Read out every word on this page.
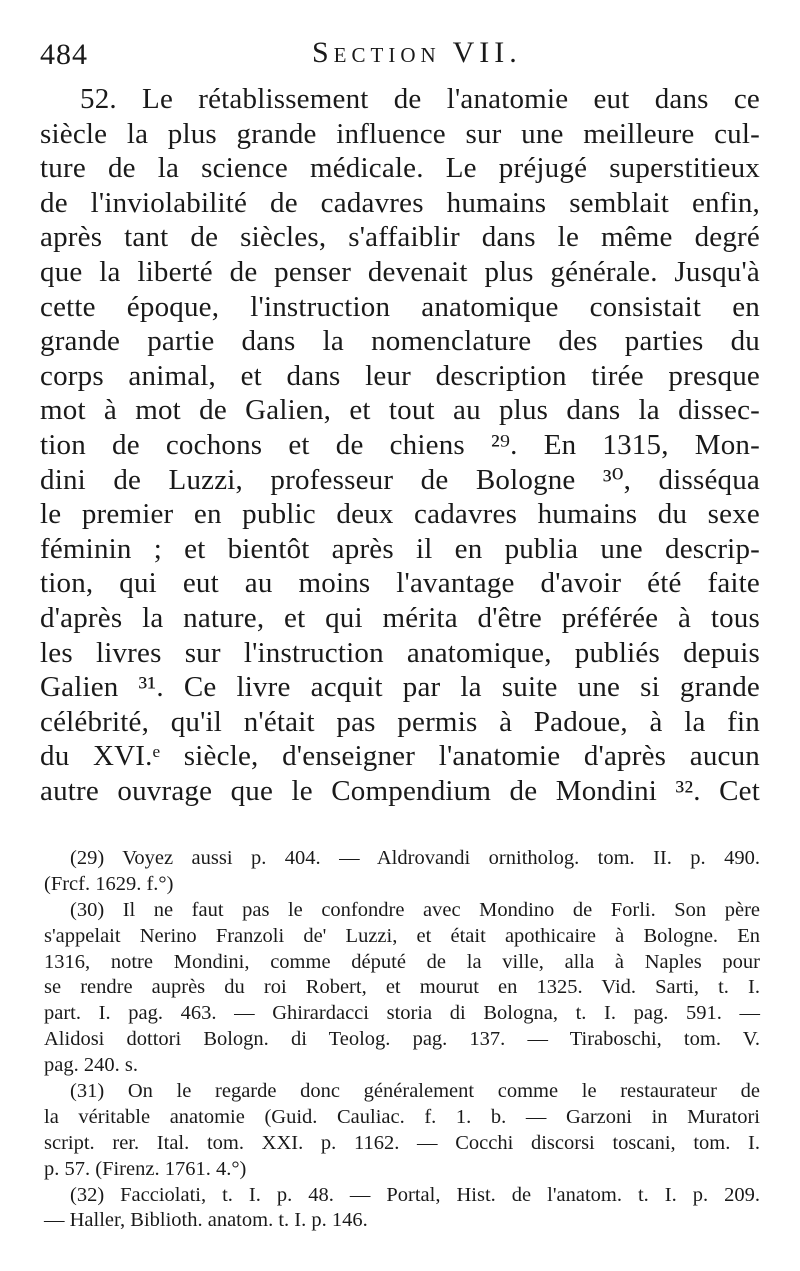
484	Section VII.
52. Le rétablissement de l'anatomie eut dans ce
siècle la plus grande influence sur une meilleure cul-
ture de la science médicale. Le préjugé superstitieux
de l'inviolabilité de cadavres humains semblait enfin,
après tant de siècles, s'affaiblir dans le même degré
que la liberté de penser devenait plus générale. Jusqu'à
cette époque, l'instruction anatomique consistait en
grande partie dans la nomenclature des parties du
corps animal, et dans leur description tirée presque
mot à mot de Galien, et tout au plus dans la dissec-
tion de cochons et de chiens ²⁹. En 1315, Mon-
dini de Luzzi, professeur de Bologne ³⁰, disséqua
le premier en public deux cadavres humains du sexe
féminin ; et bientôt après il en publia une descrip-
tion, qui eut au moins l'avantage d'avoir été faite
d'après la nature, et qui mérita d'être préférée à tous
les livres sur l'instruction anatomique, publiés depuis
Galien ³¹. Ce livre acquit par la suite une si grande
célébrité, qu'il n'était pas permis à Padoue, à la fin
du XVI.ᵉ siècle, d'enseigner l'anatomie d'après aucun
autre ouvrage que le Compendium de Mondini ³². Cet
(29) Voyez aussi p. 404. — Aldrovandi ornitholog. tom. II. p. 490.
(Frcf. 1629. f.°)
(30) Il ne faut pas le confondre avec Mondino de Forli. Son père
s'appelait Nerino Franzoli de' Luzzi, et était apothicaire à Bologne. En
1316, notre Mondini, comme député de la ville, alla à Naples pour
se rendre auprès du roi Robert, et mourut en 1325. Vid. Sarti, t. I.
part. I. pag. 463. — Ghirardacci storia di Bologna, t. I. pag. 591. —
Alidosi dottori Bologn. di Teolog. pag. 137. — Tiraboschi, tom. V.
pag. 240. s.
(31) On le regarde donc généralement comme le restaurateur de
la véritable anatomie (Guid. Cauliac. f. 1. b. — Garzoni in Muratori
script. rer. Ital. tom. XXI. p. 1162. — Cocchi discorsi toscani, tom. I.
p. 57. (Firenz. 1761. 4.°)
(32) Facciolati, t. I. p. 48. — Portal, Hist. de l'anatom. t. I. p. 209.
— Haller, Biblioth. anatom. t. I. p. 146.
